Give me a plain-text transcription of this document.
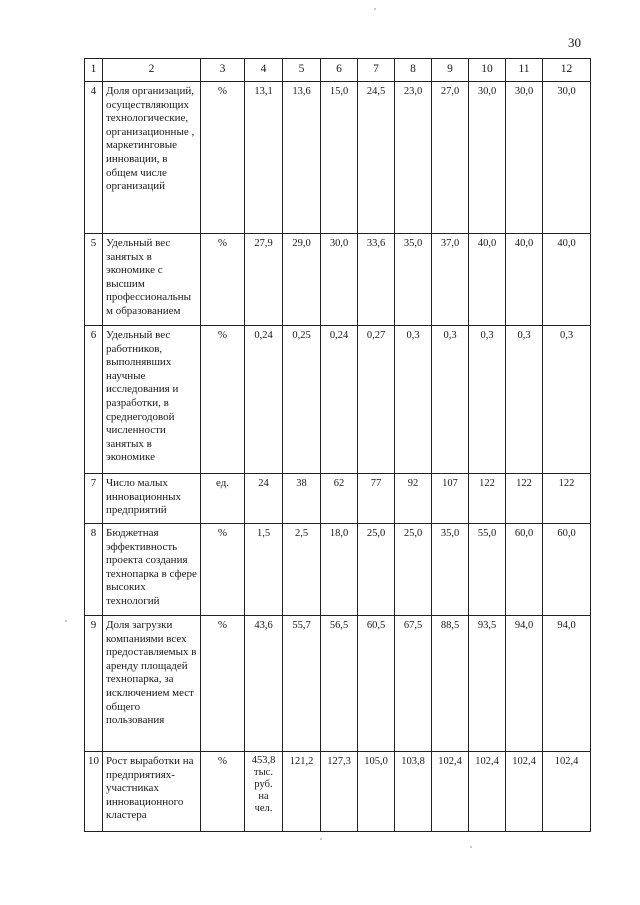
30
1	2	3	4	5	6	7	8	9	10	11	12
4	Доля организаций, осуществляющих технологические, организационные , маркетинговые инновации, в общем числе организаций	%	13,1	13,6	15,0	24,5	23,0	27,0	30,0	30,0	30,0
5	Удельный вес занятых в экономике с высшим профессиональны м образованием	%	27,9	29,0	30,0	33,6	35,0	37,0	40,0	40,0	40,0
6	Удельный вес работников, выполнявших научные исследования и разработки, в среднегодовой численности занятых в экономике	%	0,24	0,25	0,24	0,27	0,3	0,3	0,3	0,3	0,3
7	Число малых инновационных предприятий	ед.	24	38	62	77	92	107	122	122	122
8	Бюджетная эффективность проекта создания технопарка в сфере высоких технологий	%	1,5	2,5	18,0	25,0	25,0	35,0	55,0	60,0	60,0
9	Доля загрузки компаниями всех предоставляемых в аренду площадей технопарка, за исключением мест общего пользования	%	43,6	55,7	56,5	60,5	67,5	88,5	93,5	94,0	94,0
10	Рост выработки на предприятиях-участниках инновационного кластера	%	453,8
тыс.
руб.
на
чел.	121,2	127,3	105,0	103,8	102,4	102,4	102,4	102,4
